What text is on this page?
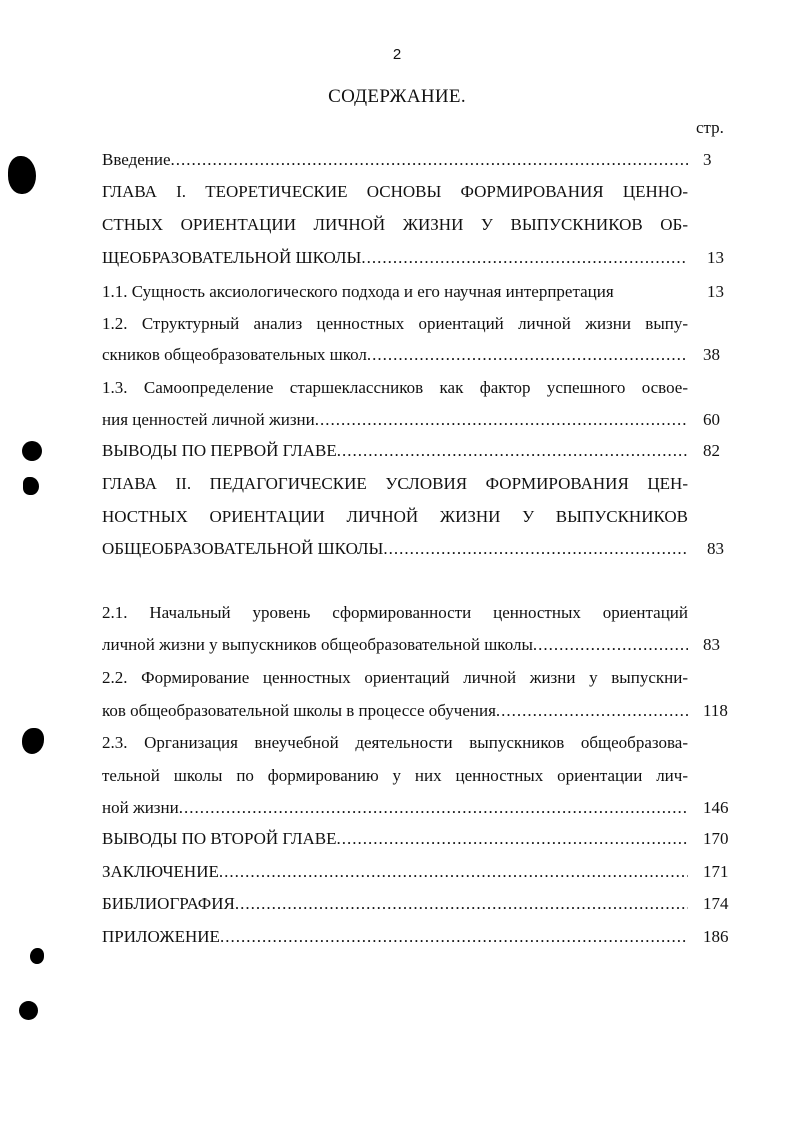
2
СОДЕРЖАНИЕ.
стр.
Введение .....	3
ГЛАВА I. ТЕОРЕТИЧЕСКИЕ ОСНОВЫ ФОРМИРОВАНИЯ ЦЕННО-
СТНЫХ ОРИЕНТАЦИИ ЛИЧНОЙ ЖИЗНИ У ВЫПУСКНИКОВ ОБ-
ЩЕОБРАЗОВАТЕЛЬНОЙ ШКОЛЫ .....	13
1.1. Сущность аксиологического подхода и его научная интерпретация	13
1.2. Структурный анализ ценностных ориентаций личной жизни выпу-
скников общеобразовательных школ .....	38
1.3. Самоопределение старшеклассников как фактор успешного освое-
ния ценностей личной жизни .....	60
ВЫВОДЫ ПО ПЕРВОЙ ГЛАВЕ .....	82
ГЛАВА II. ПЕДАГОГИЧЕСКИЕ УСЛОВИЯ ФОРМИРОВАНИЯ ЦЕН-
НОСТНЫХ ОРИЕНТАЦИИ ЛИЧНОЙ ЖИЗНИ У ВЫПУСКНИКОВ
ОБЩЕОБРАЗОВАТЕЛЬНОЙ ШКОЛЫ .....	83
2.1. Начальный уровень сформированности ценностных ориентаций
личной жизни у выпускников общеобразовательной школы .....	83
2.2. Формирование ценностных ориентаций личной жизни у выпускни-
ков общеобразовательной школы в процессе обучения .....	118
2.3. Организация внеучебной деятельности выпускников общеобразова-
тельной школы по формированию у них ценностных ориентации лич-
ной жизни .....	146
ВЫВОДЫ ПО ВТОРОЙ ГЛАВЕ .....	170
ЗАКЛЮЧЕНИЕ .....	171
БИБЛИОГРАФИЯ .....	174
ПРИЛОЖЕНИЕ .....	186
